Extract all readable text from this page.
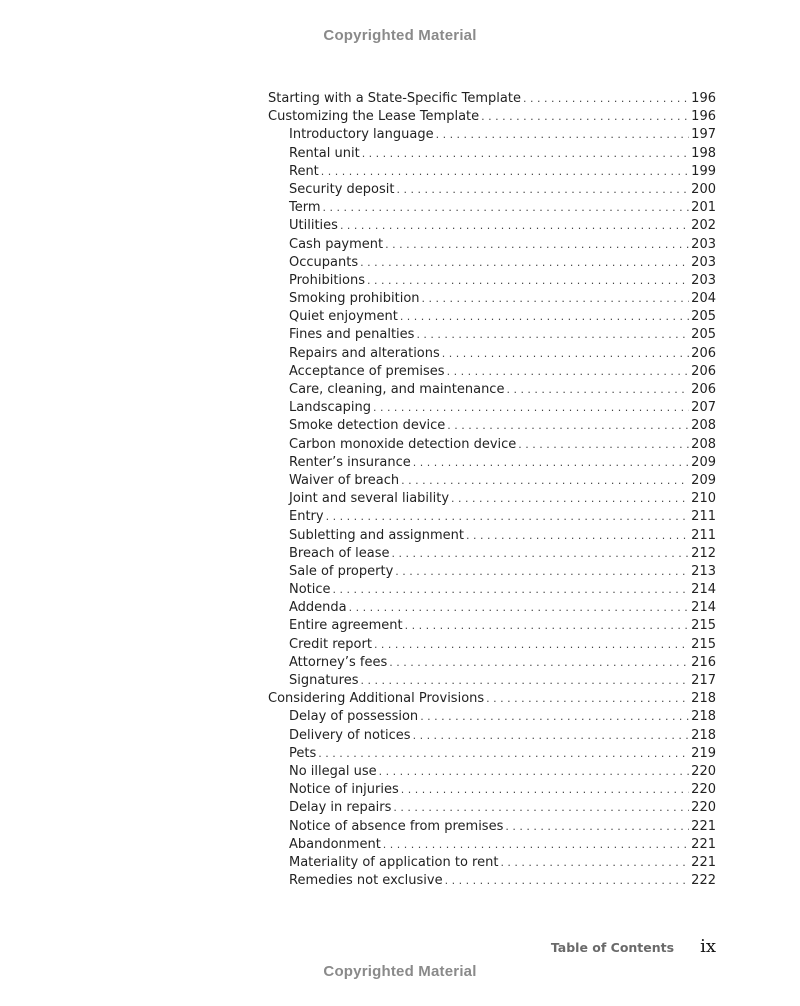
Copyrighted Material
Starting with a State-Specific Template . . .	196
Customizing the Lease Template . . .	196
Introductory language . . .	197
Rental unit . . .	198
Rent . . .	199
Security deposit . . .	200
Term . . .	201
Utilities . . .	202
Cash payment . . .	203
Occupants . . .	203
Prohibitions . . .	203
Smoking prohibition . . .	204
Quiet enjoyment . . .	205
Fines and penalties . . .	205
Repairs and alterations . . .	206
Acceptance of premises . . .	206
Care, cleaning, and maintenance . . .	206
Landscaping . . .	207
Smoke detection device . . .	208
Carbon monoxide detection device . . .	208
Renter’s insurance . . .	209
Waiver of breach . . .	209
Joint and several liability . . .	210
Entry . . .	211
Subletting and assignment . . .	211
Breach of lease . . .	212
Sale of property . . .	213
Notice . . .	214
Addenda . . .	214
Entire agreement . . .	215
Credit report . . .	215
Attorney’s fees . . .	216
Signatures . . .	217
Considering Additional Provisions . . .	218
Delay of possession . . .	218
Delivery of notices . . .	218
Pets . . .	219
No illegal use . . .	220
Notice of injuries . . .	220
Delay in repairs . . .	220
Notice of absence from premises . . .	221
Abandonment . . .	221
Materiality of application to rent . . .	221
Remedies not exclusive . . .	222
Table of Contents ix
Copyrighted Material
